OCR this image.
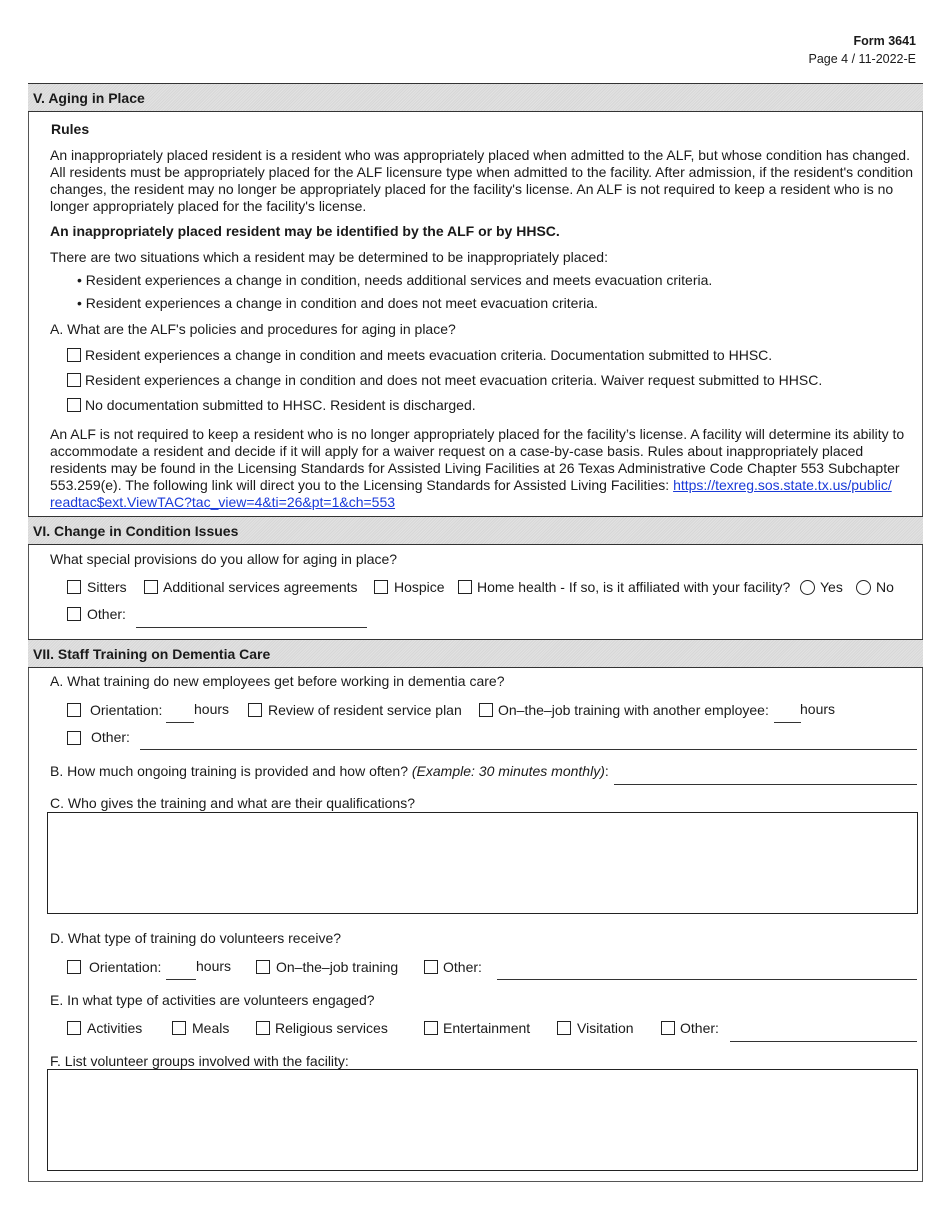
Form 3641
Page 4 / 11-2022-E
V. Aging in Place
Rules
An inappropriately placed resident is a resident who was appropriately placed when admitted to the ALF, but whose condition has changed.
All residents must be appropriately placed for the ALF licensure type when admitted to the facility. After admission, if the resident's condition
changes, the resident may no longer be appropriately placed for the facility's license. An ALF is not required to keep a resident who is no
longer appropriately placed for the facility's license.
An inappropriately placed resident may be identified by the ALF or by HHSC.
There are two situations which a resident may be determined to be inappropriately placed:
• Resident experiences a change in condition, needs additional services and meets evacuation criteria.
• Resident experiences a change in condition and does not meet evacuation criteria.
A. What are the ALF's policies and procedures for aging in place?
Resident experiences a change in condition and meets evacuation criteria. Documentation submitted to HHSC.
Resident experiences a change in condition and does not meet evacuation criteria. Waiver request submitted to HHSC.
No documentation submitted to HHSC. Resident is discharged.
An ALF is not required to keep a resident who is no longer appropriately placed for the facility’s license. A facility will determine its ability to
accommodate a resident and decide if it will apply for a waiver request on a case-by-case basis. Rules about inappropriately placed
residents may be found in the Licensing Standards for Assisted Living Facilities at 26 Texas Administrative Code Chapter 553 Subchapter
553.259(e). The following link will direct you to the Licensing Standards for Assisted Living Facilities: https://texreg.sos.state.tx.us/public/
readtac$ext.ViewTAC?tac_view=4&ti=26&pt=1&ch=553
VI. Change in Condition Issues
What special provisions do you allow for aging in place?
Sitters	Additional services agreements	Hospice Home health - If so, is it affiliated with your facility? Yes No
Other:
VII. Staff Training on Dementia Care
A. What training do new employees get before working in dementia care?
Orientation: hours	Review of resident service plan	On–the–job training with another employee: hours
Other:
B. How much ongoing training is provided and how often? (Example: 30 minutes monthly):
C. Who gives the training and what are their qualifications?
D. What type of training do volunteers receive?
Orientation: hours	On–the–job training	Other:
E. In what type of activities are volunteers engaged?
Activities	Meals	Religious services	Entertainment	Visitation	Other:
F. List volunteer groups involved with the facility:
